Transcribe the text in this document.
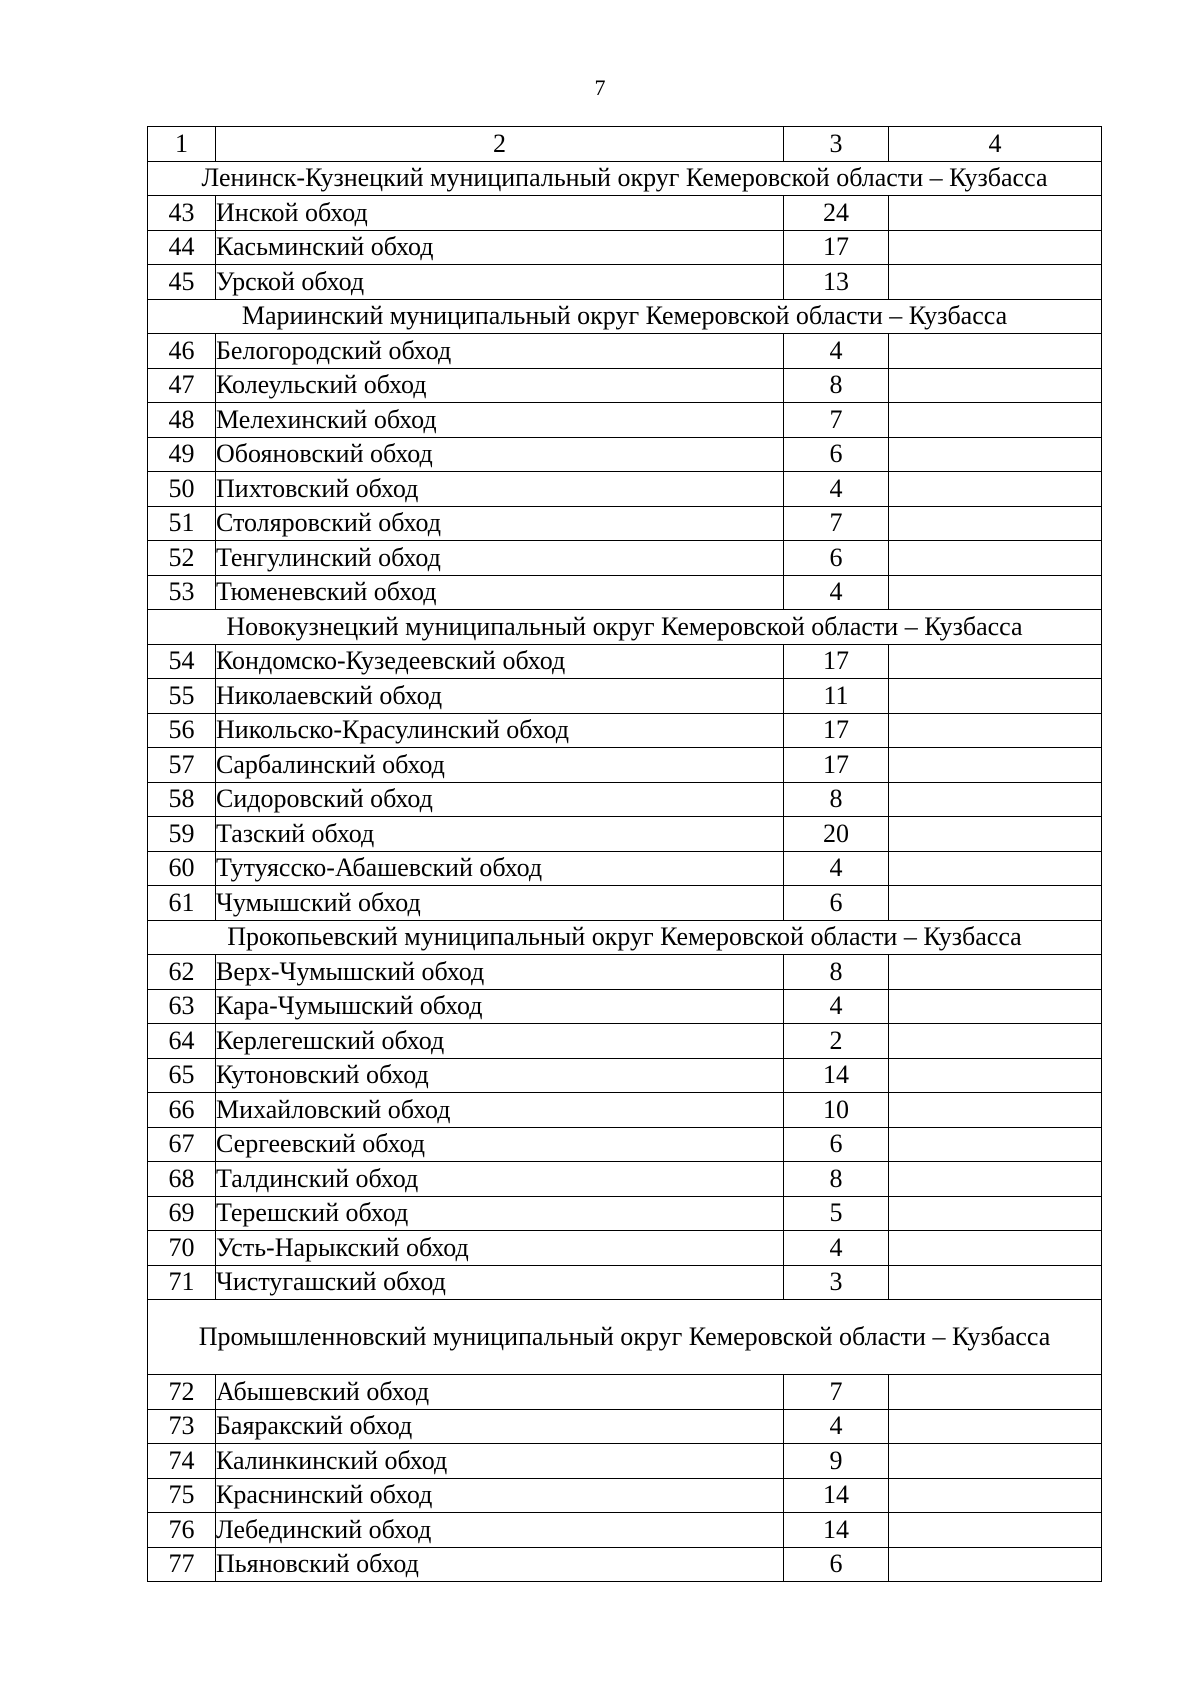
7
1	2	3	4
Ленинск-Кузнецкий муниципальный округ Кемеровской области – Кузбасса			
43	Инской обход	24	
44	Касьминский обход	17	
45	Урской обход	13	
Мариинский муниципальный округ Кемеровской области – Кузбасса			
46	Белогородский обход	4	
47	Колеульский обход	8	
48	Мелехинский обход	7	
49	Обояновский обход	6	
50	Пихтовский обход	4	
51	Столяровский обход	7	
52	Тенгулинский обход	6	
53	Тюменевский обход	4	
Новокузнецкий муниципальный округ Кемеровской области – Кузбасса			
54	Кондомско-Кузедеевский обход	17	
55	Николаевский обход	11	
56	Никольско-Красулинский обход	17	
57	Сарбалинский обход	17	
58	Сидоровский обход	8	
59	Тазский обход	20	
60	Тутуясско-Абашевский обход	4	
61	Чумышский обход	6	
Прокопьевский муниципальный округ Кемеровской области – Кузбасса			
62	Верх-Чумышский обход	8	
63	Кара-Чумышский обход	4	
64	Керлегешский обход	2	
65	Кутоновский обход	14	
66	Михайловский обход	10	
67	Сергеевский обход	6	
68	Талдинский обход	8	
69	Терешский обход	5	
70	Усть-Нарыкский обход	4	
71	Чистугашский обход	3	
Промышленновский муниципальный округ Кемеровской области – Кузбасса			
72	Абышевский обход	7	
73	Баяракский обход	4	
74	Калинкинский обход	9	
75	Краснинский обход	14	
76	Лебединский обход	14	
77	Пьяновский обход	6	
